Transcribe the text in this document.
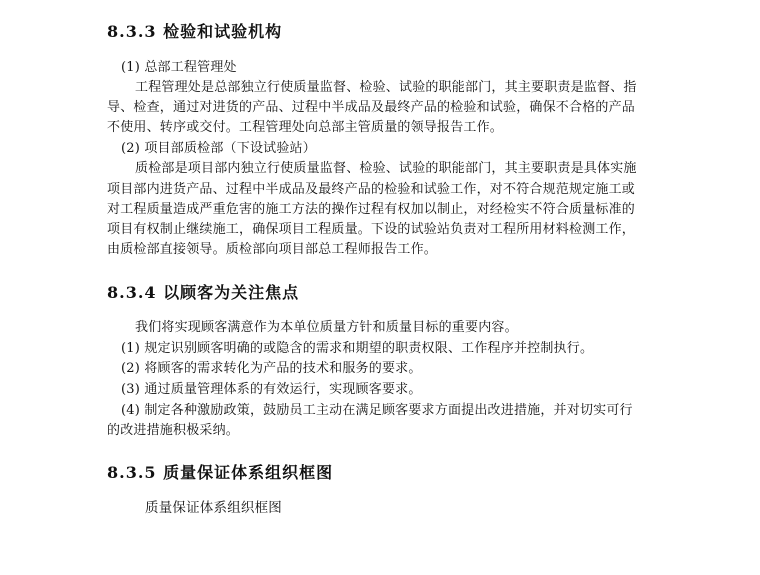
8.3.3 检验和试验机构
(1) 总部工程管理处
工程管理处是总部独立行使质量监督、检验、试验的职能部门，其主要职责是监督、指
导、检查，通过对进货的产品、过程中半成品及最终产品的检验和试验，确保不合格的产品
不使用、转序或交付。工程管理处向总部主管质量的领导报告工作。
(2) 项目部质检部（下设试验站）
质检部是项目部内独立行使质量监督、检验、试验的职能部门，其主要职责是具体实施
项目部内进货产品、过程中半成品及最终产品的检验和试验工作，对不符合规范规定施工或
对工程质量造成严重危害的施工方法的操作过程有权加以制止，对经检实不符合质量标准的
项目有权制止继续施工，确保项目工程质量。下设的试验站负责对工程所用材料检测工作，
由质检部直接领导。质检部向项目部总工程师报告工作。
8.3.4 以顾客为关注焦点
我们将实现顾客满意作为本单位质量方针和质量目标的重要内容。
(1) 规定识别顾客明确的或隐含的需求和期望的职责权限、工作程序并控制执行。
(2) 将顾客的需求转化为产品的技术和服务的要求。
(3) 通过质量管理体系的有效运行，实现顾客要求。
(4) 制定各种激励政策，鼓励员工主动在满足顾客要求方面提出改进措施，并对切实可行
的改进措施积极采纳。
8.3.5 质量保证体系组织框图
质量保证体系组织框图
